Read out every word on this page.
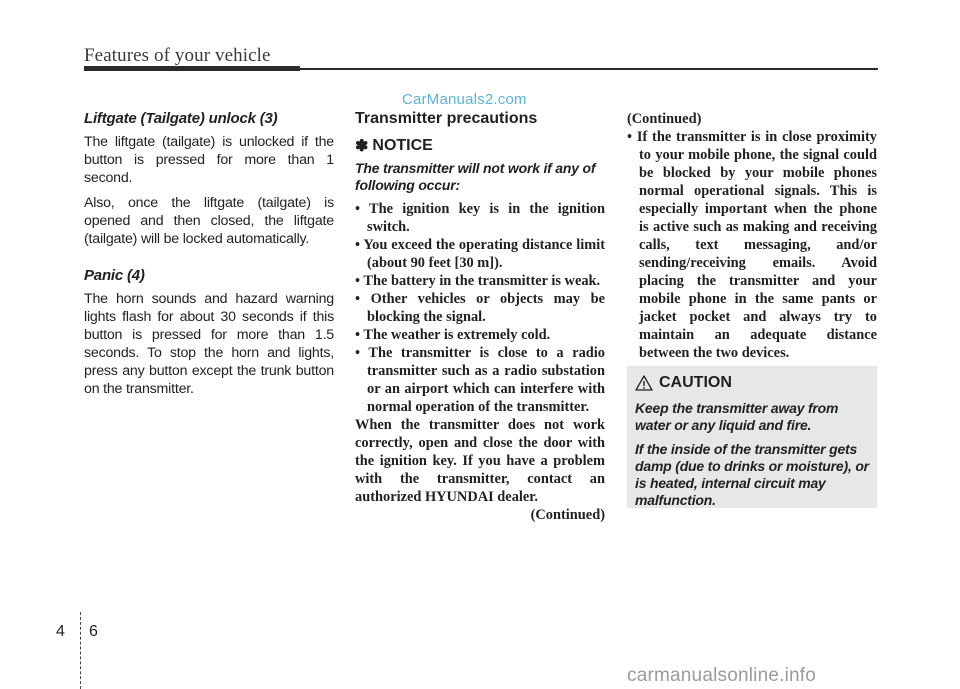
Features of your vehicle
CarManuals2.com
Liftgate (Tailgate) unlock (3)

The liftgate (tailgate) is unlocked if the button is pressed for more than 1 second.

Also, once the liftgate (tailgate) is opened and then closed, the liftgate (tailgate) will be locked automatically.

Panic (4)

The horn sounds and hazard warning lights flash for about 30 seconds if this button is pressed for more than 1.5 seconds. To stop the horn and lights, press any button except the trunk button on the transmitter.

Transmitter precautions
✽ NOTICE

The transmitter will not work if any of following occur:

• The ignition key is in the ignition switch.
• You exceed the operating distance limit (about 90 feet [30 m]).
• The battery in the transmitter is weak.
• Other vehicles or objects may be blocking the signal.
• The weather is extremely cold.
• The transmitter is close to a radio transmitter such as a radio substation or an airport which can interfere with normal operation of the transmitter.

When the transmitter does not work correctly, open and close the door with the ignition key. If you have a problem with the transmitter, contact an authorized HYUNDAI dealer.

(Continued)

(Continued)

• If the transmitter is in close proximity to your mobile phone, the signal could be blocked by your mobile phones normal operational signals. This is especially important when the phone is active such as making and receiving calls, text messaging, and/or sending/receiving emails. Avoid placing the transmitter and your mobile phone in the same pants or jacket pocket and always try to maintain an adequate distance between the two devices.
CAUTION

Keep the transmitter away from water or any liquid and fire.

If the inside of the transmitter gets damp (due to drinks or moisture), or is heated, internal circuit may malfunction.

4 6
carmanualsonline.info
